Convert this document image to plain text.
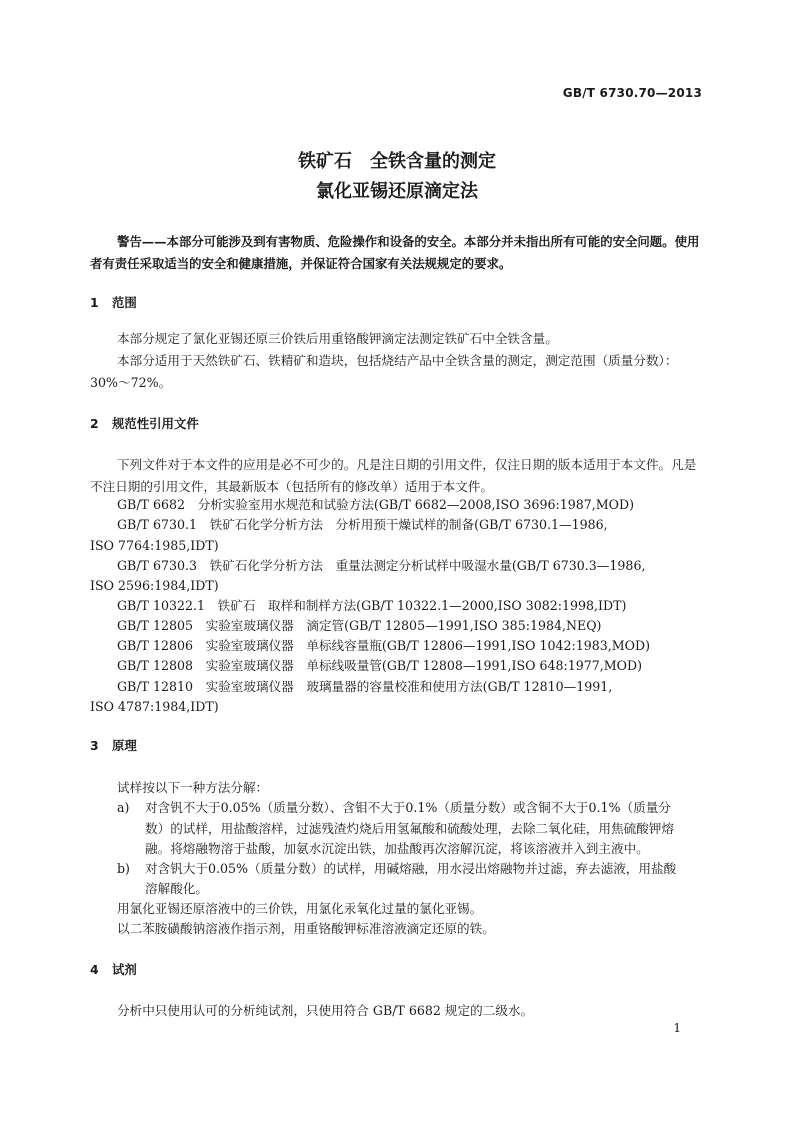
GB/T 6730.70—2013
铁矿石　全铁含量的测定
氯化亚锡还原滴定法
警告——本部分可能涉及到有害物质、危险操作和设备的安全。本部分并未指出所有可能的安全问题。使用者有责任采取适当的安全和健康措施，并保证符合国家有关法规规定的要求。
1 范围
本部分规定了氯化亚锡还原三价铁后用重铬酸钾滴定法测定铁矿石中全铁含量。
本部分适用于天然铁矿石、铁精矿和造块，包括烧结产品中全铁含量的测定，测定范围（质量分数）：30%～72%。
2 规范性引用文件
下列文件对于本文件的应用是必不可少的。凡是注日期的引用文件，仅注日期的版本适用于本文件。凡是不注日期的引用文件，其最新版本（包括所有的修改单）适用于本文件。
GB/T 6682　分析实验室用水规范和试验方法(GB/T 6682—2008,ISO 3696:1987,MOD)
GB/T 6730.1　铁矿石化学分析方法　分析用预干燥试样的制备(GB/T 6730.1—1986,
ISO 7764:1985,IDT)
GB/T 6730.3　铁矿石化学分析方法　重量法测定分析试样中吸湿水量(GB/T 6730.3—1986,
ISO 2596:1984,IDT)
GB/T 10322.1　铁矿石　取样和制样方法(GB/T 10322.1—2000,ISO 3082:1998,IDT)
GB/T 12805　实验室玻璃仪器　滴定管(GB/T 12805—1991,ISO 385:1984,NEQ)
GB/T 12806　实验室玻璃仪器　单标线容量瓶(GB/T 12806—1991,ISO 1042:1983,MOD)
GB/T 12808　实验室玻璃仪器　单标线吸量管(GB/T 12808—1991,ISO 648:1977,MOD)
GB/T 12810　实验室玻璃仪器　玻璃量器的容量校准和使用方法(GB/T 12810—1991,
ISO 4787:1984,IDT)
3 原理
试样按以下一种方法分解：
a) 对含钒不大于0.05%（质量分数）、含钼不大于0.1%（质量分数）或含铜不大于0.1%（质量分
数）的试样，用盐酸溶样，过滤残渣灼烧后用氢氟酸和硫酸处理，去除二氧化硅，用焦硫酸钾熔
融。将熔融物溶于盐酸，加氨水沉淀出铁，加盐酸再次溶解沉淀，将该溶液并入到主液中。
b) 对含钒大于0.05%（质量分数）的试样，用碱熔融，用水浸出熔融物并过滤，弃去滤液，用盐酸
溶解酸化。
用氯化亚锡还原溶液中的三价铁，用氯化汞氧化过量的氯化亚锡。
以二苯胺磺酸钠溶液作指示剂，用重铬酸钾标准溶液滴定还原的铁。
4 试剂
分析中只使用认可的分析纯试剂，只使用符合 GB/T 6682 规定的二级水。
1
